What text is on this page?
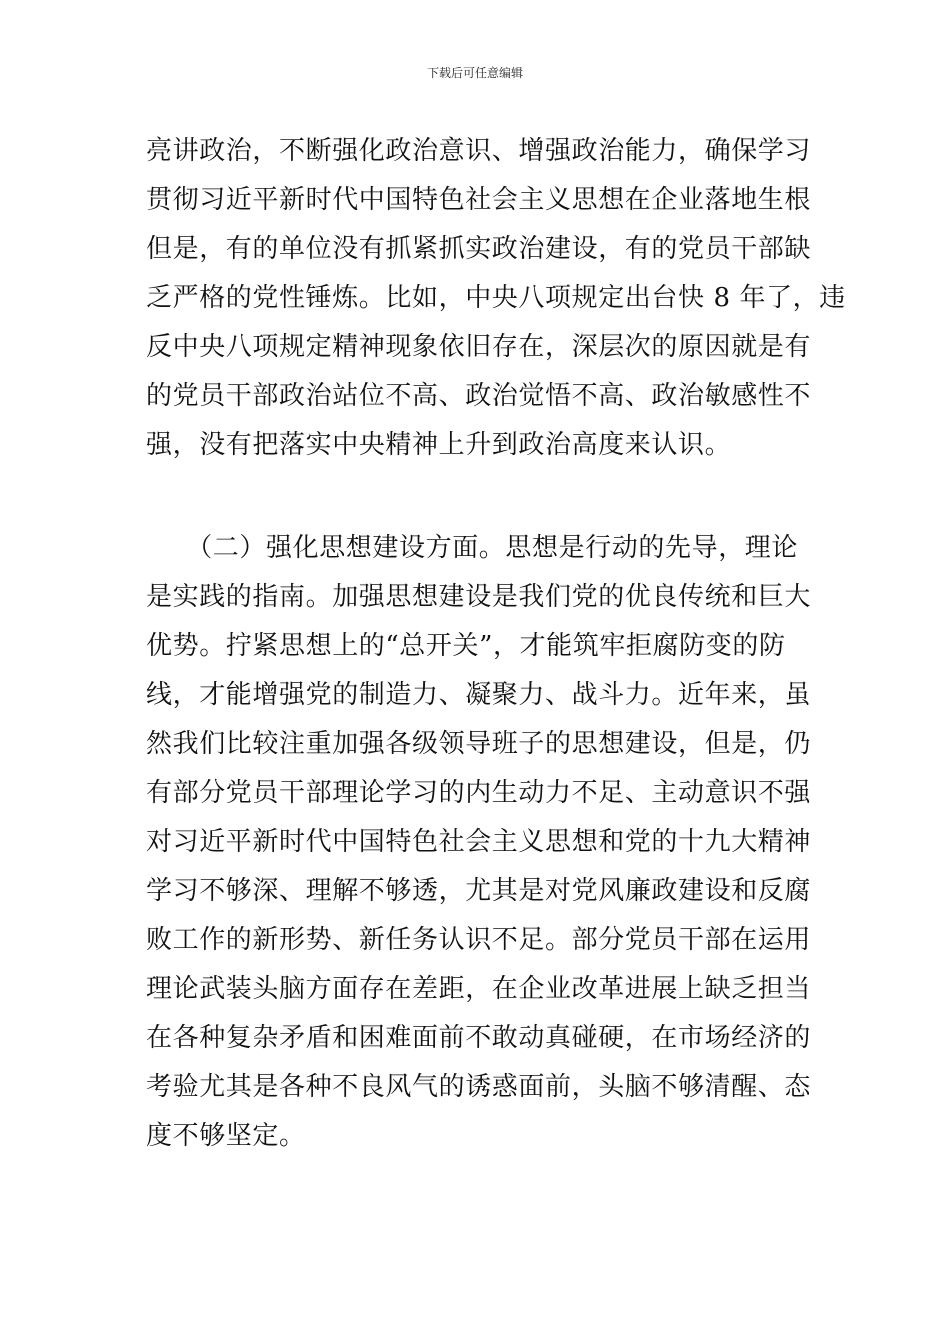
下载后可任意编辑
亮讲政治，不断强化政治意识、增强政治能力，确保学习
贯彻习近平新时代中国特色社会主义思想在企业落地生根
但是，有的单位没有抓紧抓实政治建设，有的党员干部缺
乏严格的党性锤炼。比如，中央八项规定出台快 8 年了，违
反中央八项规定精神现象依旧存在，深层次的原因就是有
的党员干部政治站位不高、政治觉悟不高、政治敏感性不
强，没有把落实中央精神上升到政治高度来认识。
　　（二）强化思想建设方面。思想是行动的先导，理论
是实践的指南。加强思想建设是我们党的优良传统和巨大
优势。拧紧思想上的“总开关”，才能筑牢拒腐防变的防
线，才能增强党的制造力、凝聚力、战斗力。近年来，虽
然我们比较注重加强各级领导班子的思想建设，但是，仍
有部分党员干部理论学习的内生动力不足、主动意识不强
对习近平新时代中国特色社会主义思想和党的十九大精神
学习不够深、理解不够透，尤其是对党风廉政建设和反腐
败工作的新形势、新任务认识不足。部分党员干部在运用
理论武装头脑方面存在差距，在企业改革进展上缺乏担当
在各种复杂矛盾和困难面前不敢动真碰硬，在市场经济的
考验尤其是各种不良风气的诱惑面前，头脑不够清醒、态
度不够坚定。
